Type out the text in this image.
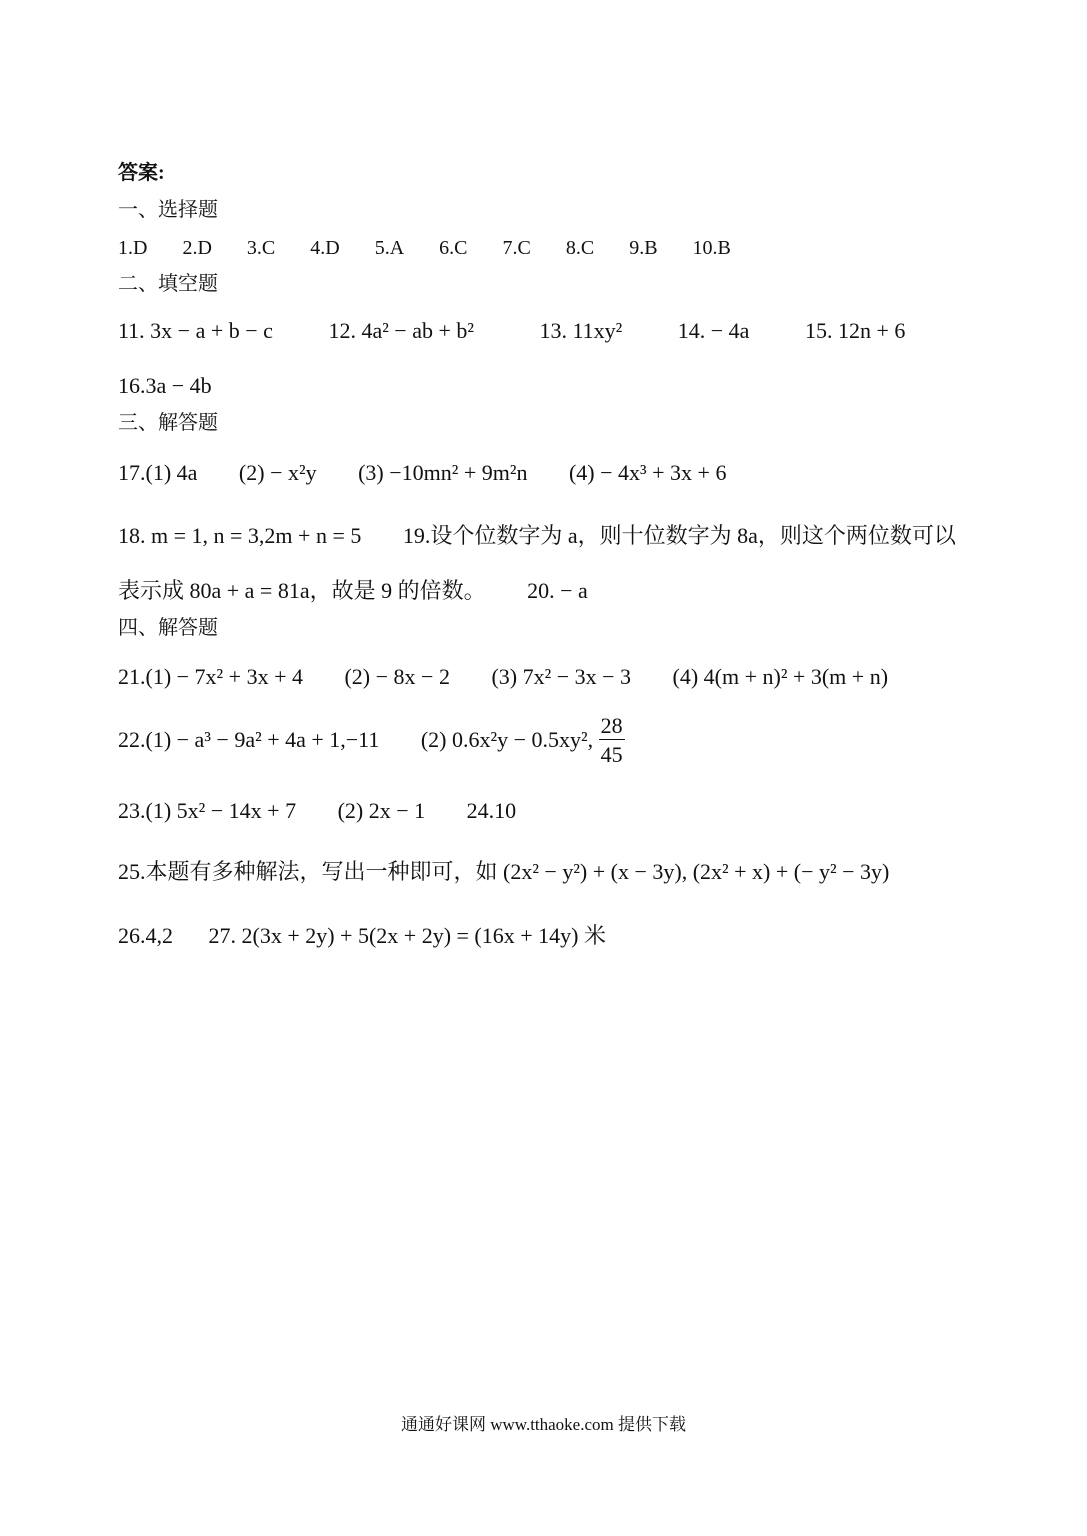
答案:
一、选择题
1.D 2.D 3.C 4.D 5.A 6.C 7.C 8.C 9.B 10.B
二、填空题
11. 3x − a + b − c	12. 4a² − ab + b²	13. 11xy²	14. − 4a	15. 12n + 6
16.3a − 4b
三、解答题
17.(1) 4a (2) − x²y (3) −10mn² + 9m²n (4) − 4x³ + 3x + 6
18. m = 1, n = 3,2m + n = 5 19.设个位数字为 a，则十位数字为 8a，则这个两位数可以
表示成 80a + a = 81a，故是 9 的倍数。 20. − a
四、解答题
21.(1) − 7x² + 3x + 4 (2) − 8x − 2 (3) 7x² − 3x − 3 (4) 4(m + n)² + 3(m + n)
22.(1) − a³ − 9a² + 4a + 1,−11 (2) 0.6x²y − 0.5xy², $\frac{28}{45}$
23.(1) 5x² − 14x + 7 (2) 2x − 1 24.10
25.本题有多种解法，写出一种即可，如 (2x² − y²) + (x − 3y), (2x² + x) + (− y² − 3y)
26.4,2 27. 2(3x + 2y) + 5(2x + 2y) = (16x + 14y) 米
通通好课网 www.tthaoke.com 提供下载
